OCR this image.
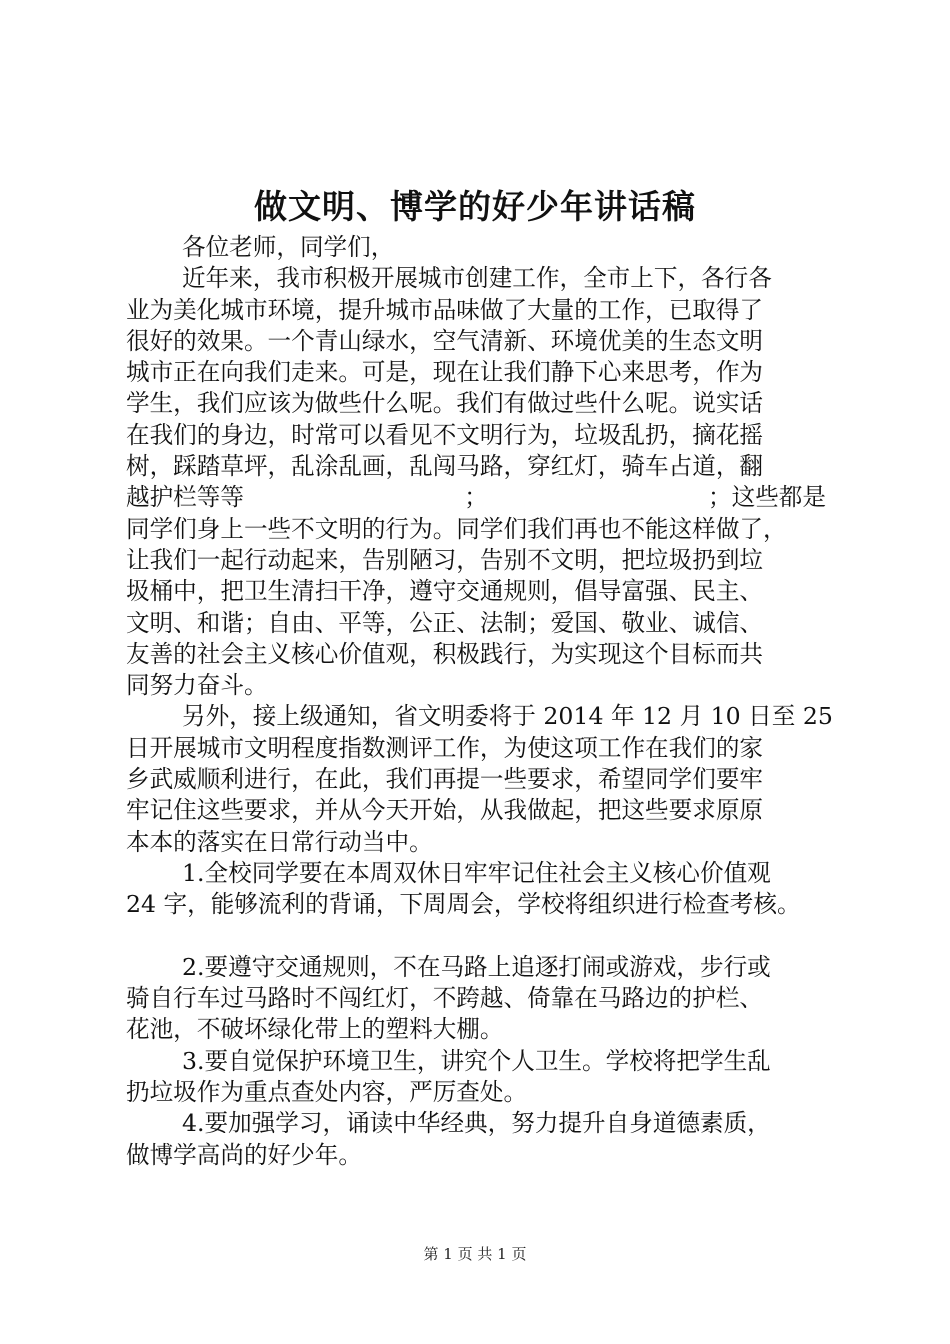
做文明、博学的好少年讲话稿
各位老师，同学们，
近年来，我市积极开展城市创建工作，全市上下，各行各
业为美化城市环境，提升城市品味做了大量的工作，已取得了
很好的效果。一个青山绿水，空气清新、环境优美的生态文明
城市正在向我们走来。可是，现在让我们静下心来思考，作为
学生，我们应该为做些什么呢。我们有做过些什么呢。说实话
在我们的身边，时常可以看见不文明行为，垃圾乱扔，摘花摇
树，踩踏草坪，乱涂乱画，乱闯马路，穿红灯，骑车占道，翻
越护栏等等	；	；这些都是
同学们身上一些不文明的行为。同学们我们再也不能这样做了，
让我们一起行动起来，告别陋习，告别不文明，把垃圾扔到垃
圾桶中，把卫生清扫干净，遵守交通规则，倡导富强、民主、
文明、和谐；自由、平等，公正、法制；爱国、敬业、诚信、
友善的社会主义核心价值观，积极践行，为实现这个目标而共
同努力奋斗。
另外，接上级通知，省文明委将于 2014 年 12 月 10 日至 25
日开展城市文明程度指数测评工作，为使这项工作在我们的家
乡武威顺利进行，在此，我们再提一些要求，希望同学们要牢
牢记住这些要求，并从今天开始，从我做起，把这些要求原原
本本的落实在日常行动当中。
1.全校同学要在本周双休日牢牢记住社会主义核心价值观
24 字，能够流利的背诵，下周周会，学校将组织进行检查考核。
2.要遵守交通规则，不在马路上追逐打闹或游戏，步行或
骑自行车过马路时不闯红灯，不跨越、倚靠在马路边的护栏、
花池，不破坏绿化带上的塑料大棚。
3.要自觉保护环境卫生，讲究个人卫生。学校将把学生乱
扔垃圾作为重点查处内容，严厉查处。
4.要加强学习，诵读中华经典，努力提升自身道德素质，
做博学高尚的好少年。
第 1 页 共 1 页
